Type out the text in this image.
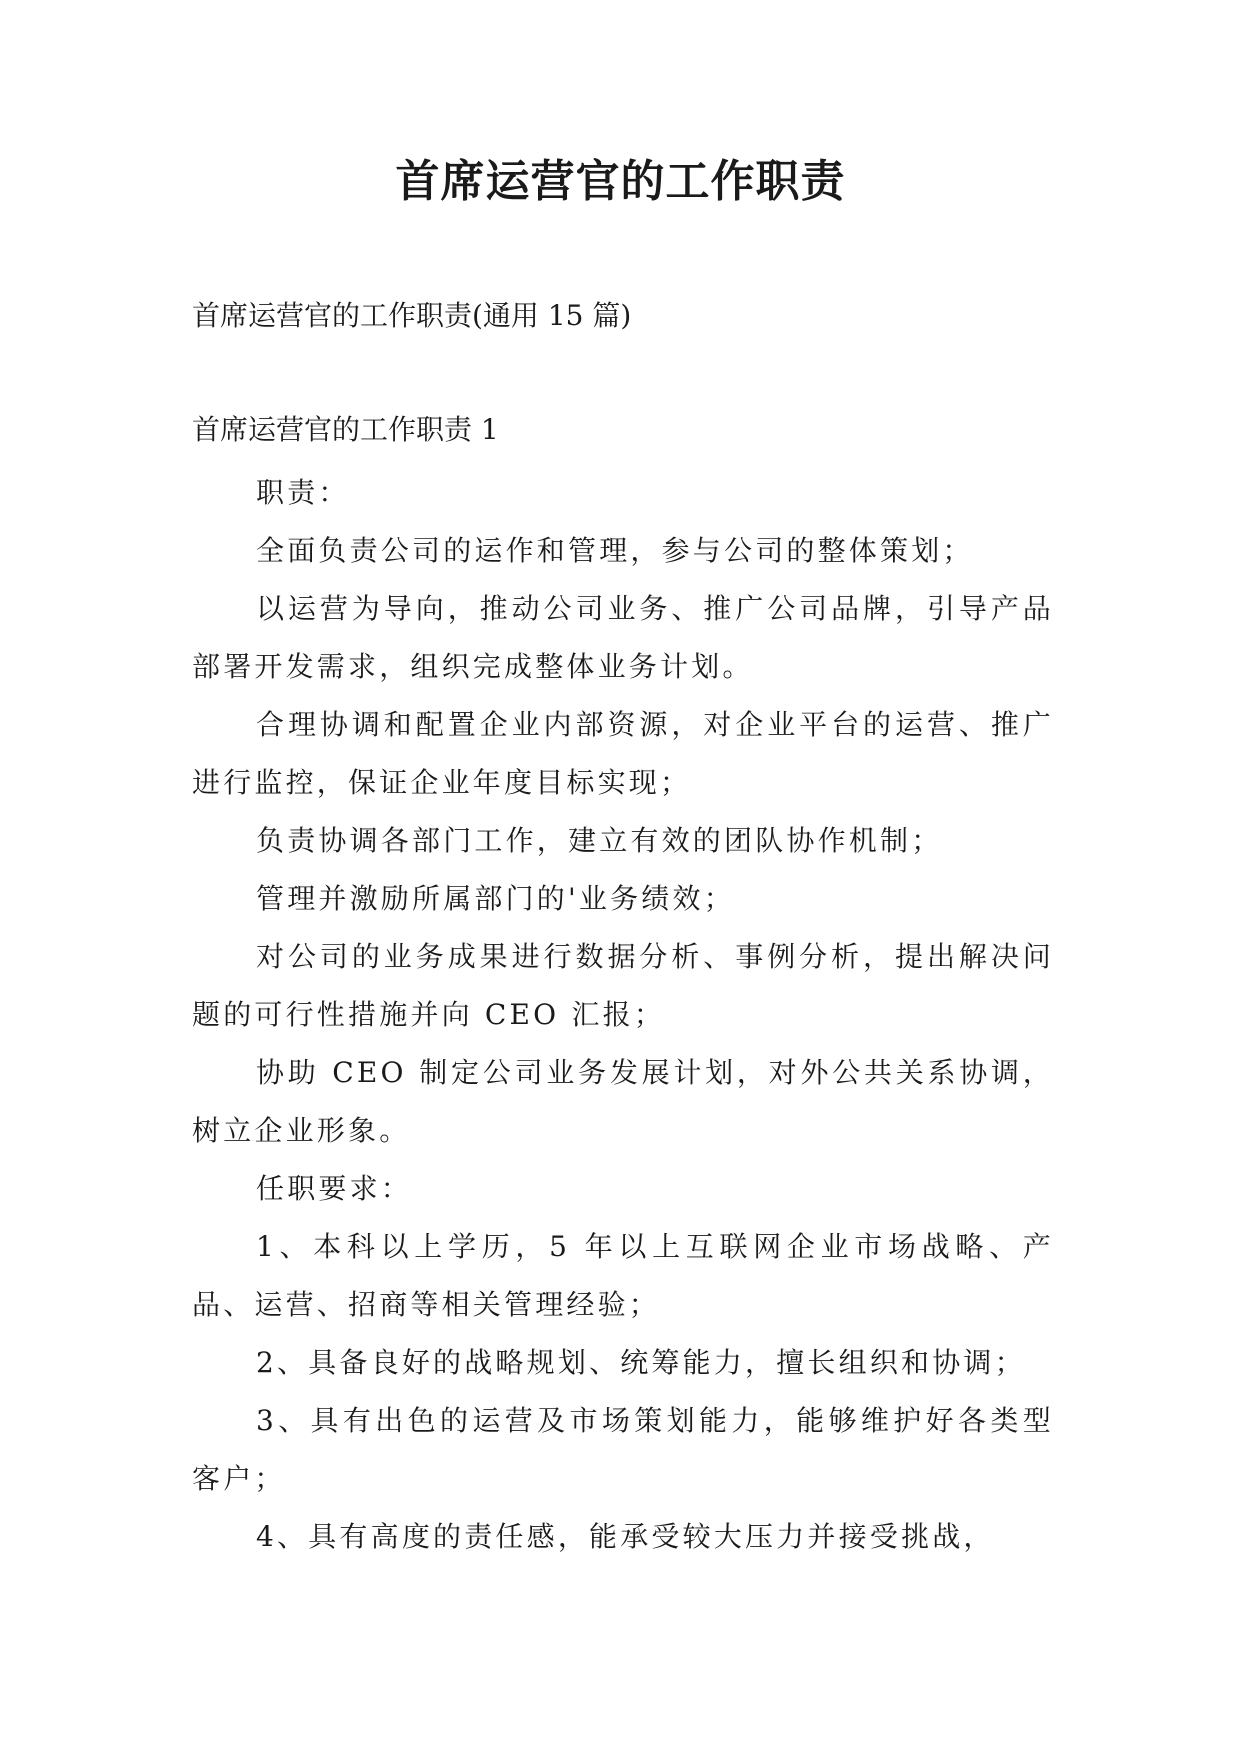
首席运营官的工作职责
首席运营官的工作职责(通用 15 篇)
首席运营官的工作职责 1

职责：

全面负责公司的运作和管理，参与公司的整体策划；

以运营为导向，推动公司业务、推广公司品牌，引导产品部署开发需求，组织完成整体业务计划。

合理协调和配置企业内部资源，对企业平台的运营、推广进行监控，保证企业年度目标实现；

负责协调各部门工作，建立有效的团队协作机制；

管理并激励所属部门的'业务绩效；

对公司的业务成果进行数据分析、事例分析，提出解决问题的可行性措施并向 CEO 汇报；

协助 CEO 制定公司业务发展计划，对外公共关系协调，树立企业形象。

任职要求：

1、本科以上学历，5 年以上互联网企业市场战略、产品、运营、招商等相关管理经验；

2、具备良好的战略规划、统筹能力，擅长组织和协调；

3、具有出色的运营及市场策划能力，能够维护好各类型客户；

4、具有高度的责任感，能承受较大压力并接受挑战，
